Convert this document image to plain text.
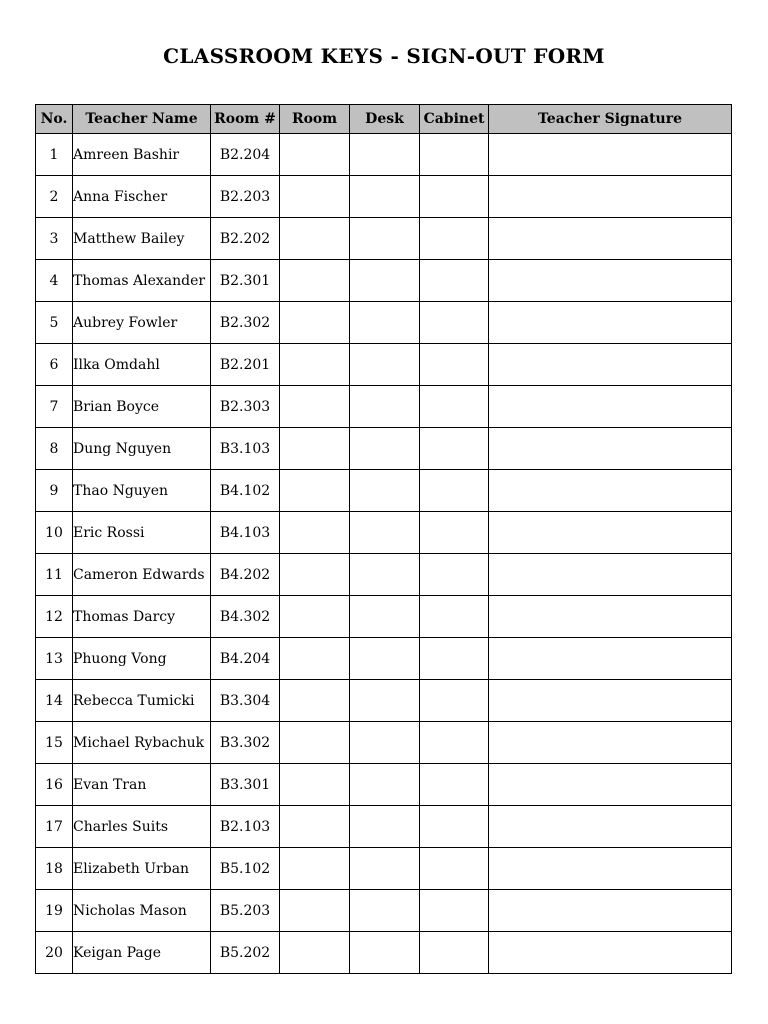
CLASSROOM KEYS - SIGN-OUT FORM
No.	Teacher Name	Room #	Room	Desk	Cabinet	Teacher Signature
1	Amreen Bashir	B2.204				
2	Anna Fischer	B2.203				
3	Matthew Bailey	B2.202				
4	Thomas Alexander	B2.301				
5	Aubrey Fowler	B2.302				
6	Ilka Omdahl	B2.201				
7	Brian Boyce	B2.303				
8	Dung Nguyen	B3.103				
9	Thao Nguyen	B4.102				
10	Eric Rossi	B4.103				
11	Cameron Edwards	B4.202				
12	Thomas Darcy	B4.302				
13	Phuong Vong	B4.204				
14	Rebecca Tumicki	B3.304				
15	Michael Rybachuk	B3.302				
16	Evan Tran	B3.301				
17	Charles Suits	B2.103				
18	Elizabeth Urban	B5.102				
19	Nicholas Mason	B5.203				
20	Keigan Page	B5.202				
